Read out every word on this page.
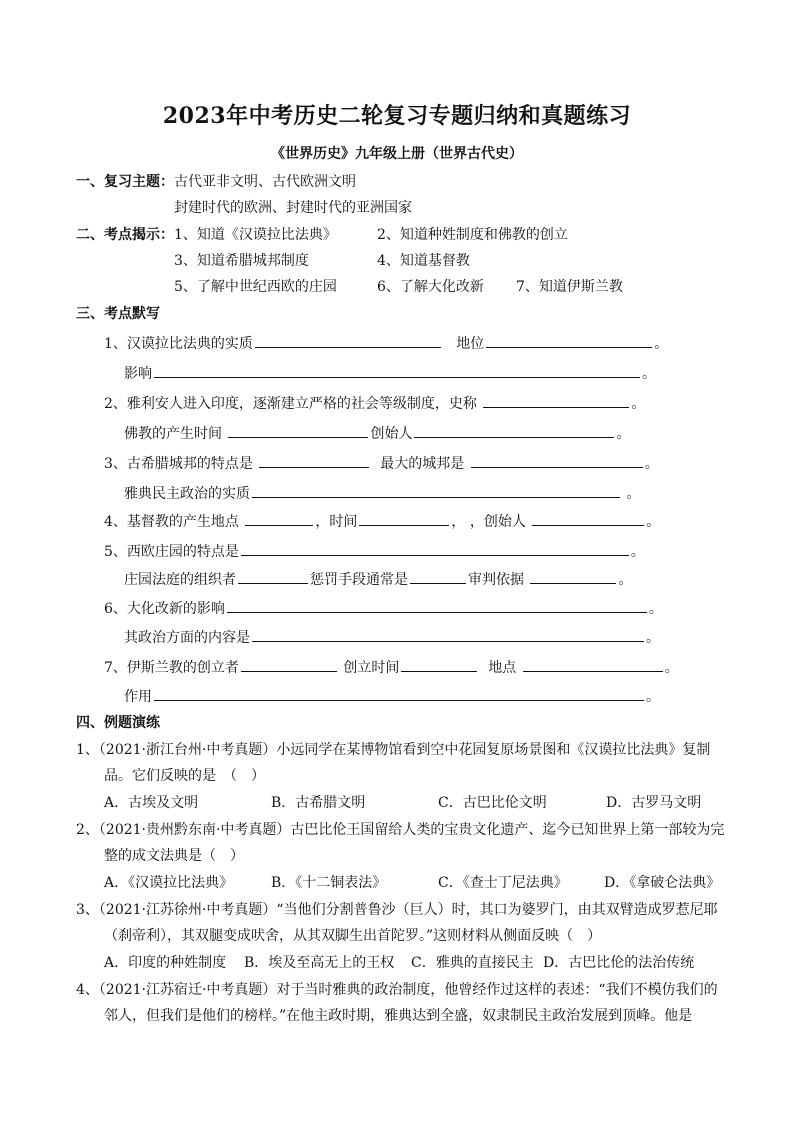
2023年中考历史二轮复习专题归纳和真题练习
《世界历史》九年级上册（世界古代史）
一、复习主题：古代亚非文明、古代欧洲文明
封建时代的欧洲、封建时代的亚洲国家
二、考点揭示：1、知道《汉谟拉比法典》	2、知道种姓制度和佛教的创立
3、知道希腊城邦制度	4、知道基督教
5、了解中世纪西欧的庄园	6、了解大化改新 7、知道伊斯兰教
三、考点默写
1、汉谟拉比法典的实质	地位	。
影响	。
2、雅利安人进入印度，逐渐建立严格的社会等级制度，史称	。
佛教的产生时间	创始人	。
3、古希腊城邦的特点是	最大的城邦是	。
雅典民主政治的实质	。
4、基督教的产生地点	，时间	， ，创始人	。
5、西欧庄园的特点是	。
庄园法庭的组织者	惩罚手段通常是	审判依据	。
6、大化改新的影响	。
其政治方面的内容是	。
7、伊斯兰教的创立者	创立时间	地点	。
作用	。
四、例题演练
1、（2021·浙江台州·中考真题）小远同学在某博物馆看到空中花园复原场景图和《汉谟拉比法典》复制
品。它们反映的是　（　）
A．古埃及文明	B．古希腊文明	C．古巴比伦文明	D．古罗马文明
2、（2021·贵州黔东南·中考真题）古巴比伦王国留给人类的宝贵文化遗产、迄今已知世界上第一部较为完
整的成文法典是（　）
A．《汉谟拉比法典》	B．《十二铜表法》	C．《查士丁尼法典》	D．《拿破仑法典》
3、（2021·江苏徐州·中考真题）“当他们分割普鲁沙（巨人）时，其口为婆罗门，由其双臂造成罗惹尼耶
（刹帝利），其双腿变成吠舍，从其双脚生出首陀罗。”这则材料从侧面反映（　）
A．印度的种姓制度 B．埃及至高无上的王权 C．雅典的直接民主 D．古巴比伦的法治传统
4、（2021·江苏宿迁·中考真题）对于当时雅典的政治制度，他曾经作过这样的表述：“我们不模仿我们的
邻人，但我们是他们的榜样。”在他主政时期，雅典达到全盛，奴隶制民主政治发展到顶峰。他是
